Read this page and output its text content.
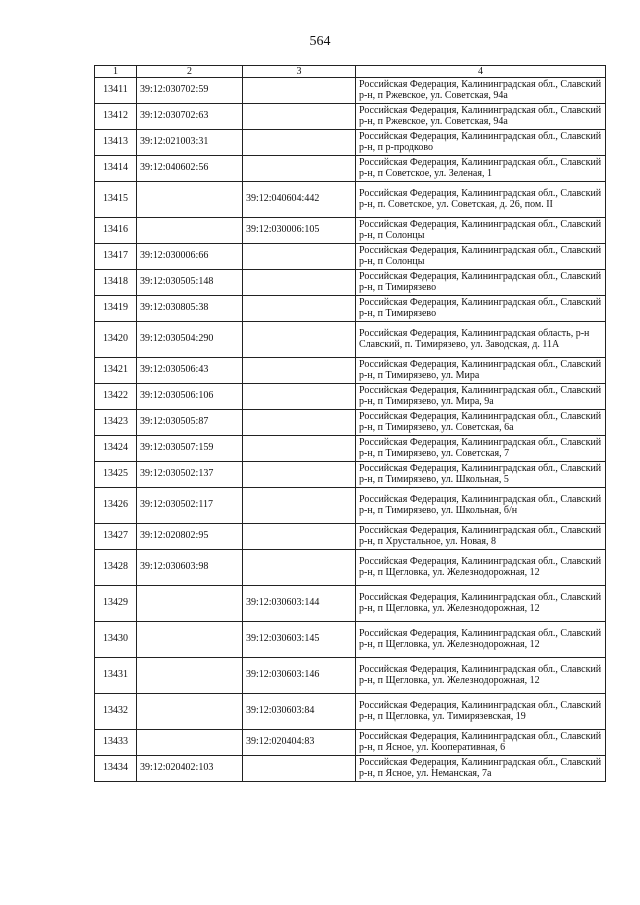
564
1	2	3	4
13411	39:12:030702:59		Российская Федерация, Калининградская обл., Славский р-н, п Ржевское, ул. Советская, 94а
13412	39:12:030702:63		Российская Федерация, Калининградская обл., Славский р-н, п Ржевское, ул. Советская, 94а
13413	39:12:021003:31		Российская Федерация, Калининградская обл., Славский р-н, п р-продково
13414	39:12:040602:56		Российская Федерация, Калининградская обл., Славский р-н, п Советское, ул. Зеленая, 1
13415		39:12:040604:442	Российская Федерация, Калининградская обл., Славский р-н, п. Советское, ул. Советская, д. 26, пом. II
13416		39:12:030006:105	Российская Федерация, Калининградская обл., Славский р-н, п Солонцы
13417	39:12:030006:66		Российская Федерация, Калининградская обл., Славский р-н, п Солонцы
13418	39:12:030505:148		Российская Федерация, Калининградская обл., Славский р-н, п Тимирязево
13419	39:12:030805:38		Российская Федерация, Калининградская обл., Славский р-н, п Тимирязево
13420	39:12:030504:290		Российская Федерация, Калининградская область, р-н Славский, п. Тимирязево, ул. Заводская, д. 11А
13421	39:12:030506:43		Российская Федерация, Калининградская обл., Славский р-н, п Тимирязево, ул. Мира
13422	39:12:030506:106		Российская Федерация, Калининградская обл., Славский р-н, п Тимирязево, ул. Мира, 9а
13423	39:12:030505:87		Российская Федерация, Калининградская обл., Славский р-н, п Тимирязево, ул. Советская, 6а
13424	39:12:030507:159		Российская Федерация, Калининградская обл., Славский р-н, п Тимирязево, ул. Советская, 7
13425	39:12:030502:137		Российская Федерация, Калининградская обл., Славский р-н, п Тимирязево, ул. Школьная, 5
13426	39:12:030502:117		Российская Федерация, Калининградская обл., Славский р-н, п Тимирязево, ул. Школьная, б/н
13427	39:12:020802:95		Российская Федерация, Калининградская обл., Славский р-н, п Хрустальное, ул. Новая, 8
13428	39:12:030603:98		Российская Федерация, Калининградская обл., Славский р-н, п Щегловка, ул. Железнодорожная, 12
13429		39:12:030603:144	Российская Федерация, Калининградская обл., Славский р-н, п Щегловка, ул. Железнодорожная, 12
13430		39:12:030603:145	Российская Федерация, Калининградская обл., Славский р-н, п Щегловка, ул. Железнодорожная, 12
13431		39:12:030603:146	Российская Федерация, Калининградская обл., Славский р-н, п Щегловка, ул. Железнодорожная, 12
13432		39:12:030603:84	Российская Федерация, Калининградская обл., Славский р-н, п Щегловка, ул. Тимирязевская, 19
13433		39:12:020404:83	Российская Федерация, Калининградская обл., Славский р-н, п Ясное, ул. Кооперативная, 6
13434	39:12:020402:103		Российская Федерация, Калининградская обл., Славский р-н, п Ясное, ул. Неманская, 7а
